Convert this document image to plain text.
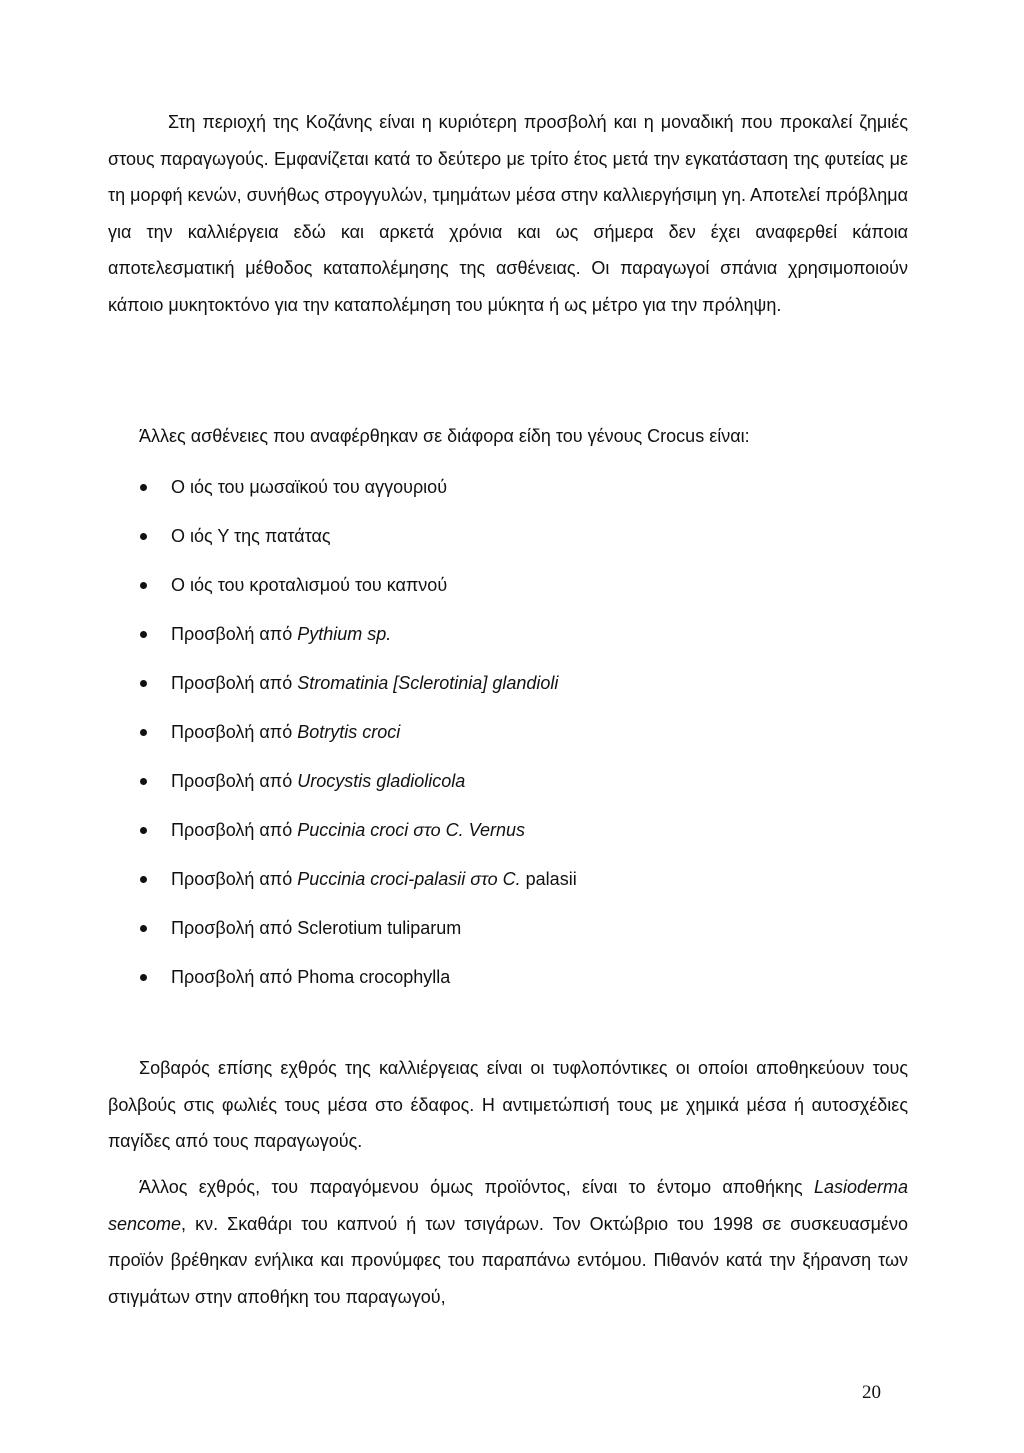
Στη περιοχή της Κοζάνης είναι η κυριότερη προσβολή και η μοναδική που προκαλεί ζημιές στους παραγωγούς. Εμφανίζεται κατά το δεύτερο με τρίτο έτος μετά την εγκατάσταση της φυτείας με τη μορφή κενών, συνήθως στρογγυλών, τμημάτων μέσα στην καλλιεργήσιμη γη. Αποτελεί πρόβλημα για την καλλιέργεια εδώ και αρκετά χρόνια και ως σήμερα δεν έχει αναφερθεί κάποια αποτελεσματική μέθοδος καταπολέμησης της ασθένειας. Οι παραγωγοί σπάνια χρησιμοποιούν κάποιο μυκητοκτόνο για την καταπολέμηση του μύκητα ή ως μέτρο για την πρόληψη.

Άλλες ασθένειες που αναφέρθηκαν σε διάφορα είδη του γένους Crocus είναι:

Ο ιός του μωσαϊκού του αγγουριού
Ο ιός Υ της πατάτας
Ο ιός του κροταλισμού του καπνού
Προσβολή από Pythium sp.
Προσβολή από Stromatinia [Sclerotinia] glandioli
Προσβολή από Botrytis croci
Προσβολή από Urocystis gladiolicola
Προσβολή από Puccinia croci στο C. Vernus
Προσβολή από Puccinia croci-palasii στο C. palasii
Προσβολή από Sclerotium tuliparum
Προσβολή από Phoma crocophylla

Σοβαρός επίσης εχθρός της καλλιέργειας είναι οι τυφλοπόντικες οι οποίοι αποθηκεύουν τους βολβούς στις φωλιές τους μέσα στο έδαφος. Η αντιμετώπισή τους με χημικά μέσα ή αυτοσχέδιες παγίδες από τους παραγωγούς.

Άλλος εχθρός, του παραγόμενου όμως προϊόντος, είναι το έντομο αποθήκης Lasioderma sencome, κν. Σκαθάρι του καπνού ή των τσιγάρων. Τον Οκτώβριο του 1998 σε συσκευασμένο προϊόν βρέθηκαν ενήλικα και προνύμφες του παραπάνω εντόμου. Πιθανόν κατά την ξήρανση των στιγμάτων στην αποθήκη του παραγωγού,

20
